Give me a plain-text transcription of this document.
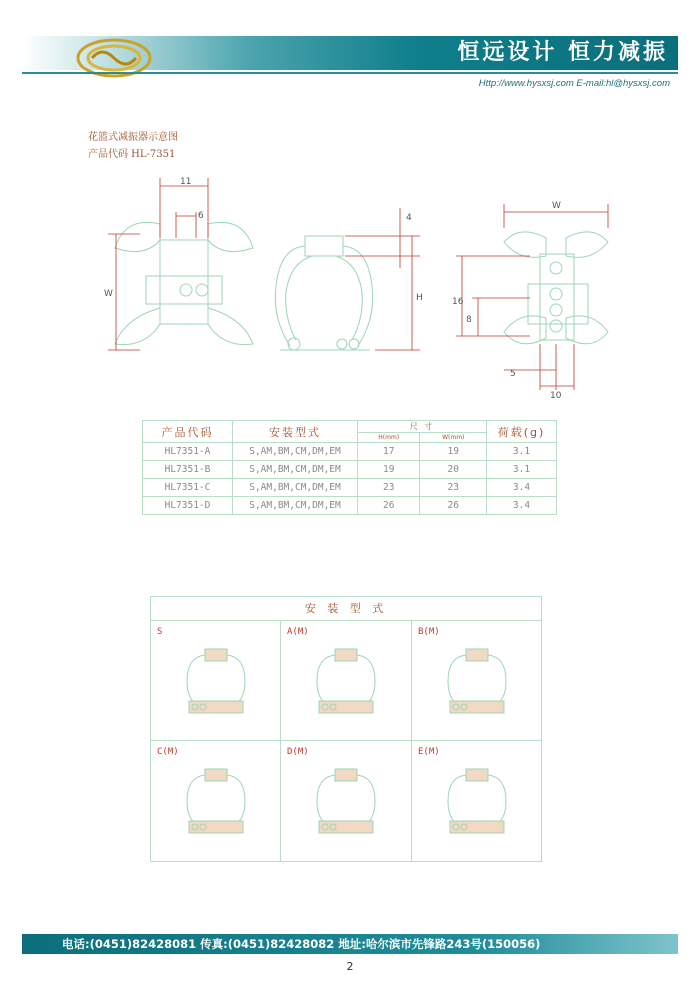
恒远设计 恒力减振
Http://www.hysxsj.com E-mail:hl@hysxsj.com
花篮式减振器示意图
产品代码 HL-7351
11
6
W
4
H
W
16
8
5
10
产品代码	安装型式	尺 寸		荷载(g)
		H(mm)	W(mm)	
HL7351-A	S,AM,BM,CM,DM,EM	17	19	3.1
HL7351-B	S,AM,BM,CM,DM,EM	19	20	3.1
HL7351-C	S,AM,BM,CM,DM,EM	23	23	3.4
HL7351-D	S,AM,BM,CM,DM,EM	26	26	3.4
安 装 型 式
S	A(M)	B(M)
C(M)	D(M)	E(M)
电话:(0451)82428081 传真:(0451)82428082 地址:哈尔滨市先锋路243号(150056)
2
